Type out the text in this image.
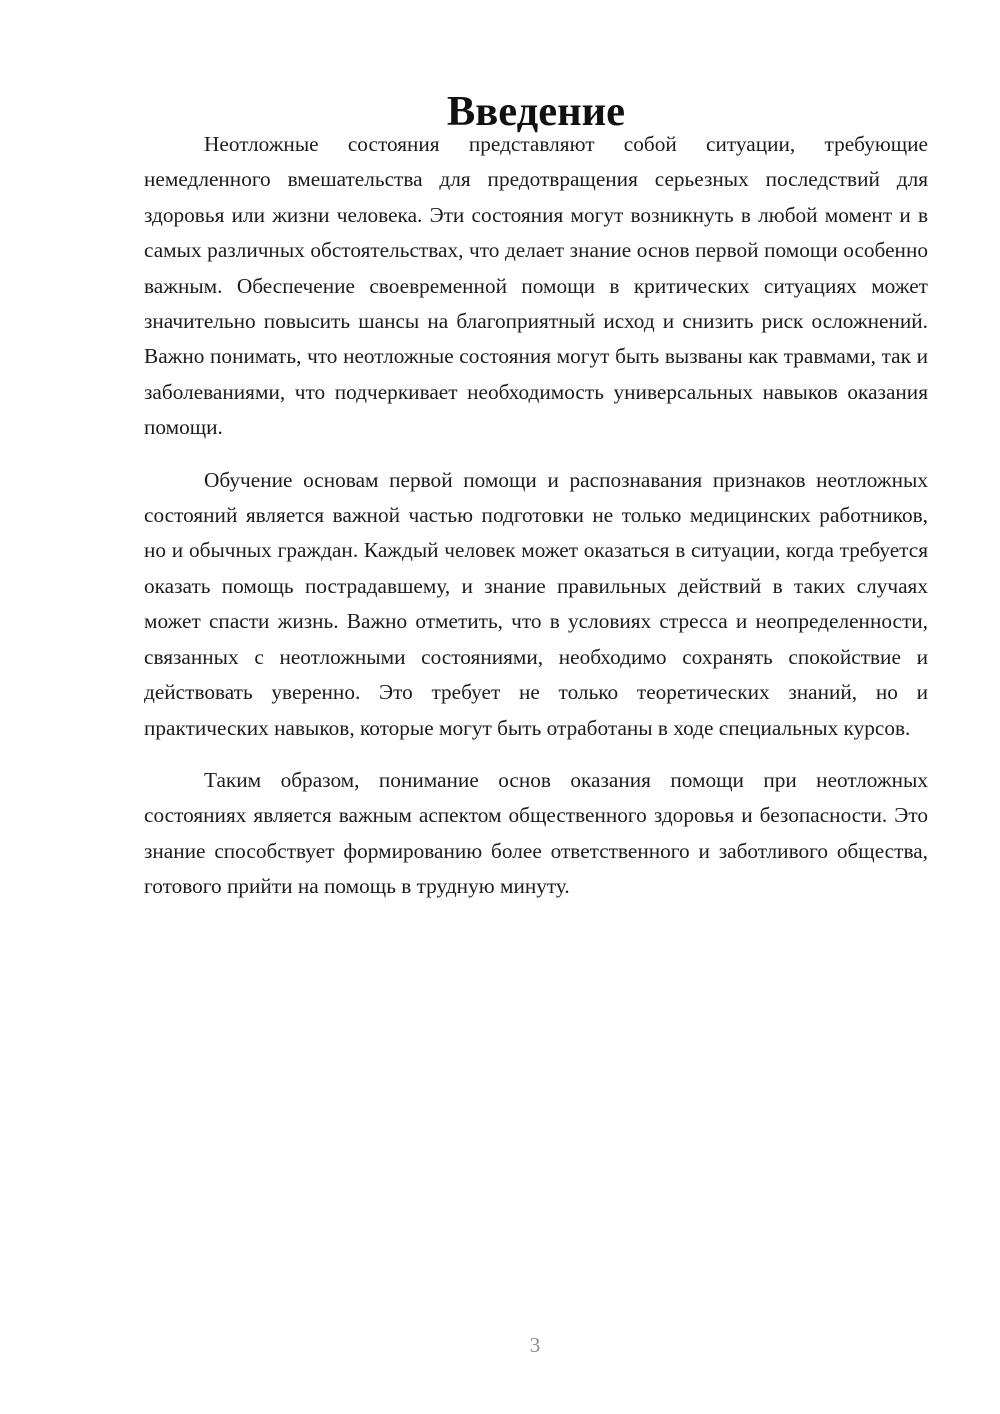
Введение

Неотложные состояния представляют собой ситуации, требующие немедленного вмешательства для предотвращения серьезных последствий для здоровья или жизни человека. Эти состояния могут возникнуть в любой момент и в самых различных обстоятельствах, что делает знание основ первой помощи особенно важным. Обеспечение своевременной помощи в критических ситуациях может значительно повысить шансы на благоприятный исход и снизить риск осложнений. Важно понимать, что неотложные состояния могут быть вызваны как травмами, так и заболеваниями, что подчеркивает необходимость универсальных навыков оказания помощи.

Обучение основам первой помощи и распознавания признаков неотложных состояний является важной частью подготовки не только медицинских работников, но и обычных граждан. Каждый человек может оказаться в ситуации, когда требуется оказать помощь пострадавшему, и знание правильных действий в таких случаях может спасти жизнь. Важно отметить, что в условиях стресса и неопределенности, связанных с неотложными состояниями, необходимо сохранять спокойствие и действовать уверенно. Это требует не только теоретических знаний, но и практических навыков, которые могут быть отработаны в ходе специальных курсов.

Таким образом, понимание основ оказания помощи при неотложных состояниях является важным аспектом общественного здоровья и безопасности. Это знание способствует формированию более ответственного и заботливого общества, готового прийти на помощь в трудную минуту.

3
